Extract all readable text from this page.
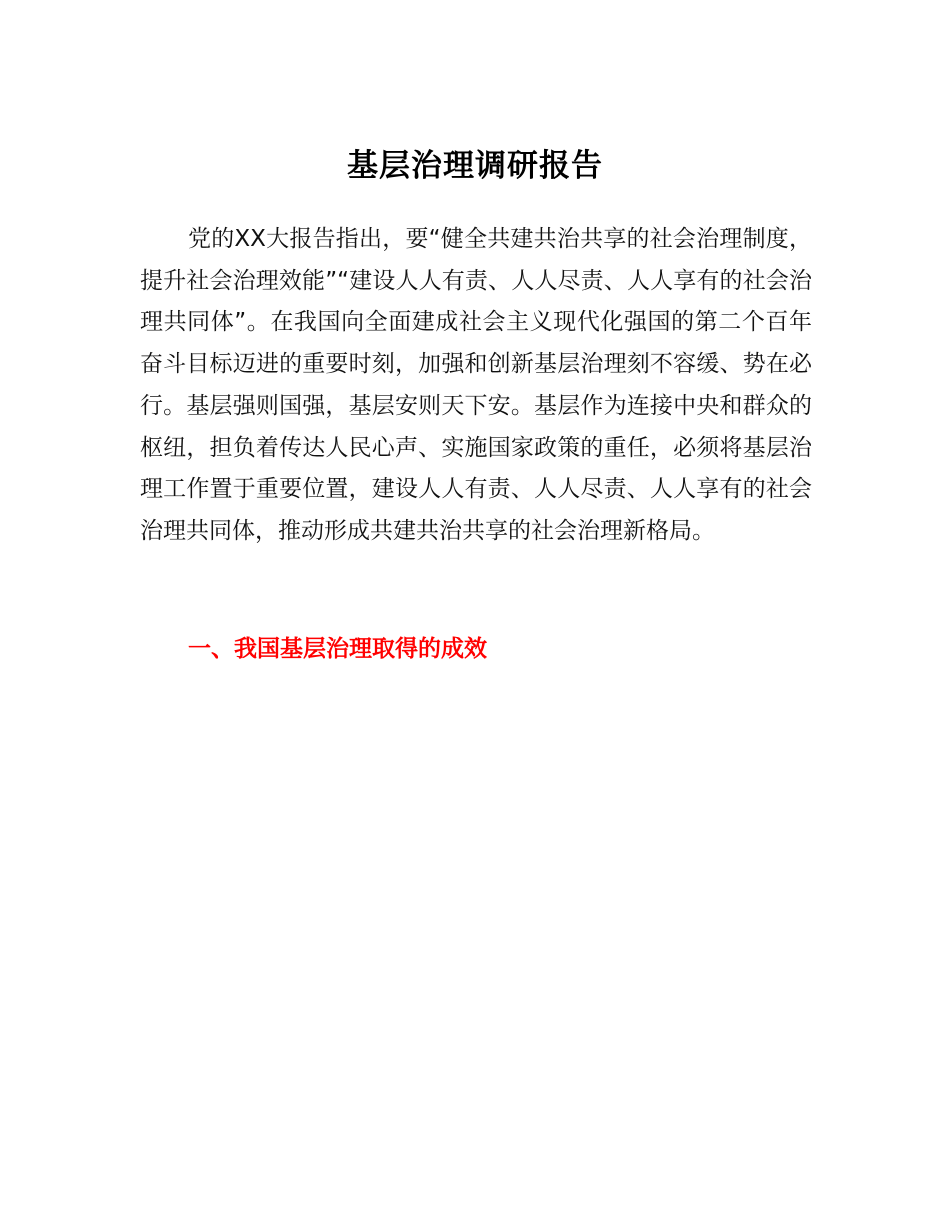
基层治理调研报告

党的XX大报告指出，要“健全共建共治共享的社会治理制度，提升社会治理效能”“建设人人有责、人人尽责、人人享有的社会治理共同体”。在我国向全面建成社会主义现代化强国的第二个百年奋斗目标迈进的重要时刻，加强和创新基层治理刻不容缓、势在必行。基层强则国强，基层安则天下安。基层作为连接中央和群众的枢纽，担负着传达人民心声、实施国家政策的重任，必须将基层治理工作置于重要位置，建设人人有责、人人尽责、人人享有的社会治理共同体，推动形成共建共治共享的社会治理新格局。

一、我国基层治理取得的成效
